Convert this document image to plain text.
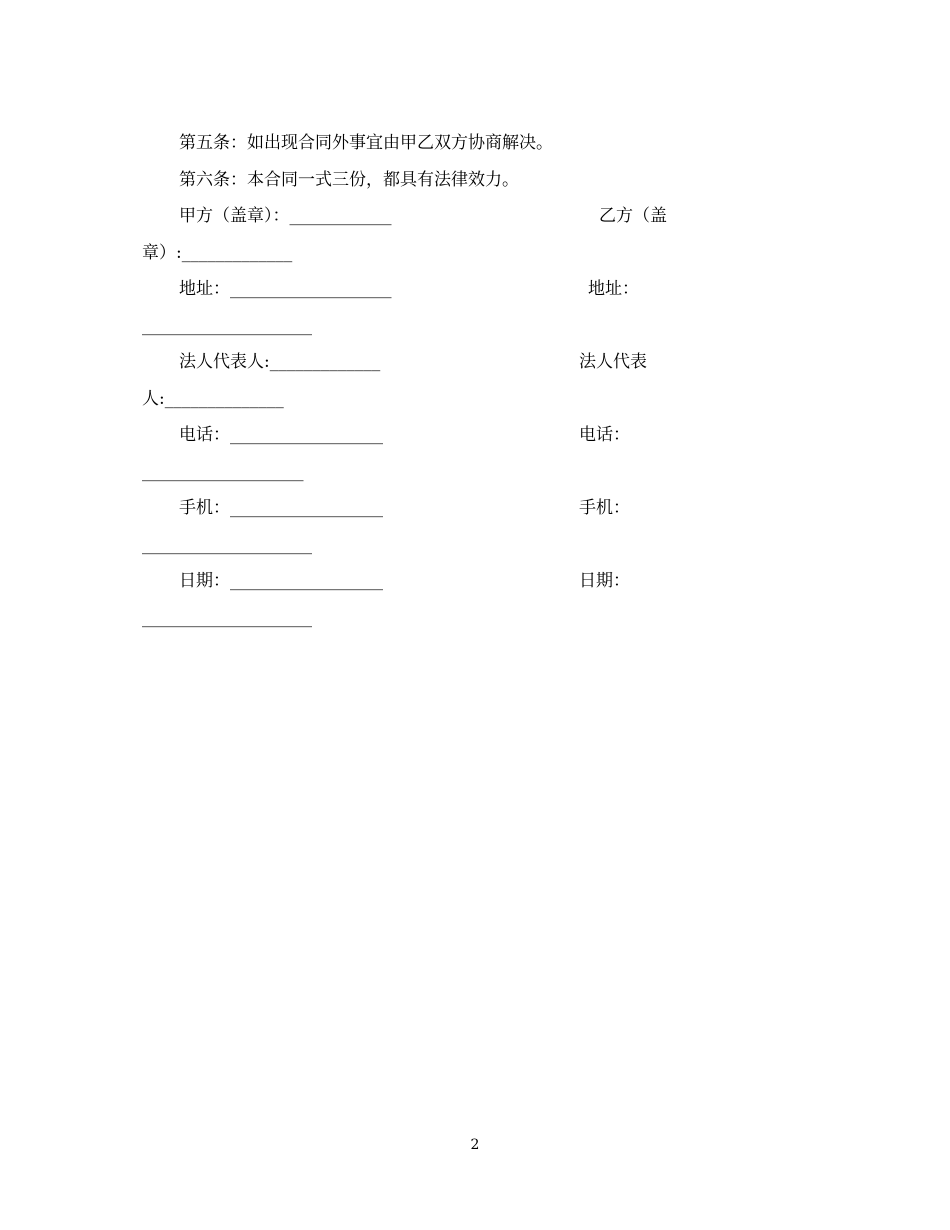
第五条：如出现合同外事宜由甲乙双方协商解决。
第六条：本合同一式三份，都具有法律效力。
甲方（盖章）：____________	乙方（盖
章）:_____________
地址：___________________	地址：
____________________
法人代表人:_____________	法人代表
人:______________
电话：__________________	电话：
___________________
手机：__________________	手机：
____________________
日期：__________________	日期：
____________________
2
